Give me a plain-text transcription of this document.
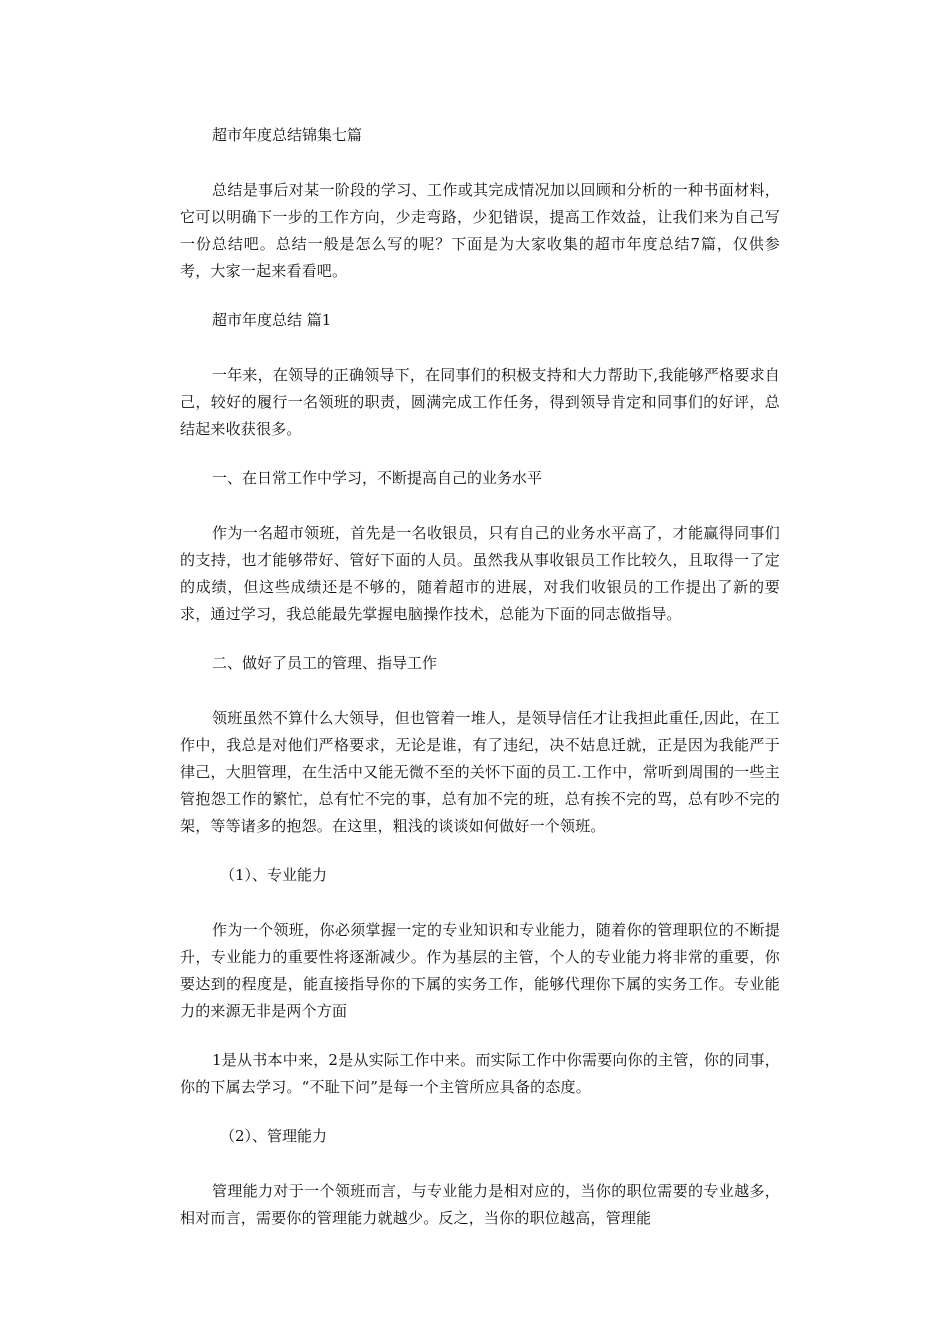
超市年度总结锦集七篇

总结是事后对某一阶段的学习、工作或其完成情况加以回顾和分析的一种书面材料，它可以明确下一步的工作方向，少走弯路，少犯错误，提高工作效益，让我们来为自己写一份总结吧。总结一般是怎么写的呢？下面是为大家收集的超市年度总结7篇，仅供参考，大家一起来看看吧。

超市年度总结 篇1

一年来，在领导的正确领导下，在同事们的积极支持和大力帮助下,我能够严格要求自己，较好的履行一名领班的职责，圆满完成工作任务，得到领导肯定和同事们的好评，总结起来收获很多。

一、在日常工作中学习，不断提高自己的业务水平

作为一名超市领班，首先是一名收银员，只有自己的业务水平高了，才能赢得同事们的支持，也才能够带好、管好下面的人员。虽然我从事收银员工作比较久，且取得一了定的成绩，但这些成绩还是不够的，随着超市的进展，对我们收银员的工作提出了新的要求，通过学习，我总能最先掌握电脑操作技术，总能为下面的同志做指导。

二、做好了员工的管理、指导工作

领班虽然不算什么大领导，但也管着一堆人，是领导信任才让我担此重任,因此，在工作中，我总是对他们严格要求，无论是谁，有了违纪，决不姑息迁就，正是因为我能严于律己，大胆管理，在生活中又能无微不至的关怀下面的员工.工作中，常听到周围的一些主管抱怨工作的繁忙，总有忙不完的事，总有加不完的班，总有挨不完的骂，总有吵不完的架，等等诸多的抱怨。在这里，粗浅的谈谈如何做好一个领班。

（1）、专业能力

作为一个领班，你必须掌握一定的专业知识和专业能力，随着你的管理职位的不断提升，专业能力的重要性将逐渐减少。作为基层的主管，个人的专业能力将非常的重要，你要达到的程度是，能直接指导你的下属的实务工作，能够代理你下属的实务工作。专业能力的来源无非是两个方面

1是从书本中来，2是从实际工作中来。而实际工作中你需要向你的主管，你的同事，你的下属去学习。“不耻下问”是每一个主管所应具备的态度。

（2）、管理能力

管理能力对于一个领班而言，与专业能力是相对应的，当你的职位需要的专业越多，相对而言，需要你的管理能力就越少。反之，当你的职位越高，管理能
